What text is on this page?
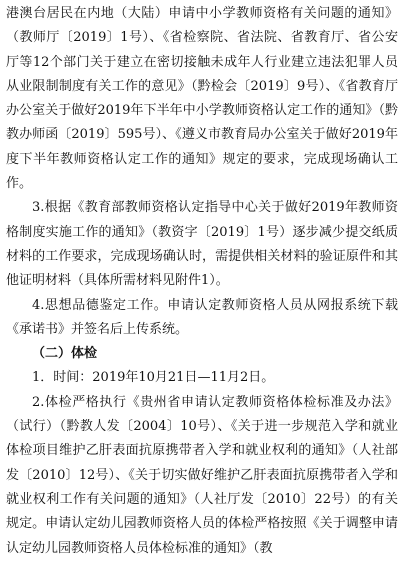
港澳台居民在内地（大陆）申请中小学教师资格有关问题的通知》（教师厅〔2019〕1号）、《省检察院、省法院、省教育厅、省公安厅等12个部门关于建立在密切接触未成年人行业建立违法犯罪人员从业限制制度有关工作的意见》（黔检会〔2019〕9号）、《省教育厅办公室关于做好2019年下半年中小学教师资格认定工作的通知》（黔教办师函〔2019〕595号）、《遵义市教育局办公室关于做好2019年度下半年教师资格认定工作的通知》规定的要求，完成现场确认工作。

3.根据《教育部教师资格认定指导中心关于做好2019年教师资格制度实施工作的通知》（教资字〔2019〕1号）逐步减少提交纸质材料的工作要求，完成现场确认时，需提供相关材料的验证原件和其他证明材料（具体所需材料见附件1）。

4.思想品德鉴定工作。申请认定教师资格人员从网报系统下载《承诺书》并签名后上传系统。

（二）体检

1．时间：2019年10月21日—11月2日。

2.体检严格执行《贵州省申请认定教师资格体检标准及办法》（试行）（黔教人发〔2004〕10号）、《关于进一步规范入学和就业体检项目维护乙肝表面抗原携带者入学和就业权利的通知》（人社部发〔2010〕12号）、《关于切实做好维护乙肝表面抗原携带者入学和就业权利工作有关问题的通知》（人社厅发〔2010〕22号）的有关规定。申请认定幼儿园教师资格人员的体检严格按照《关于调整申请认定幼儿园教师资格人员体检标准的通知》（教
